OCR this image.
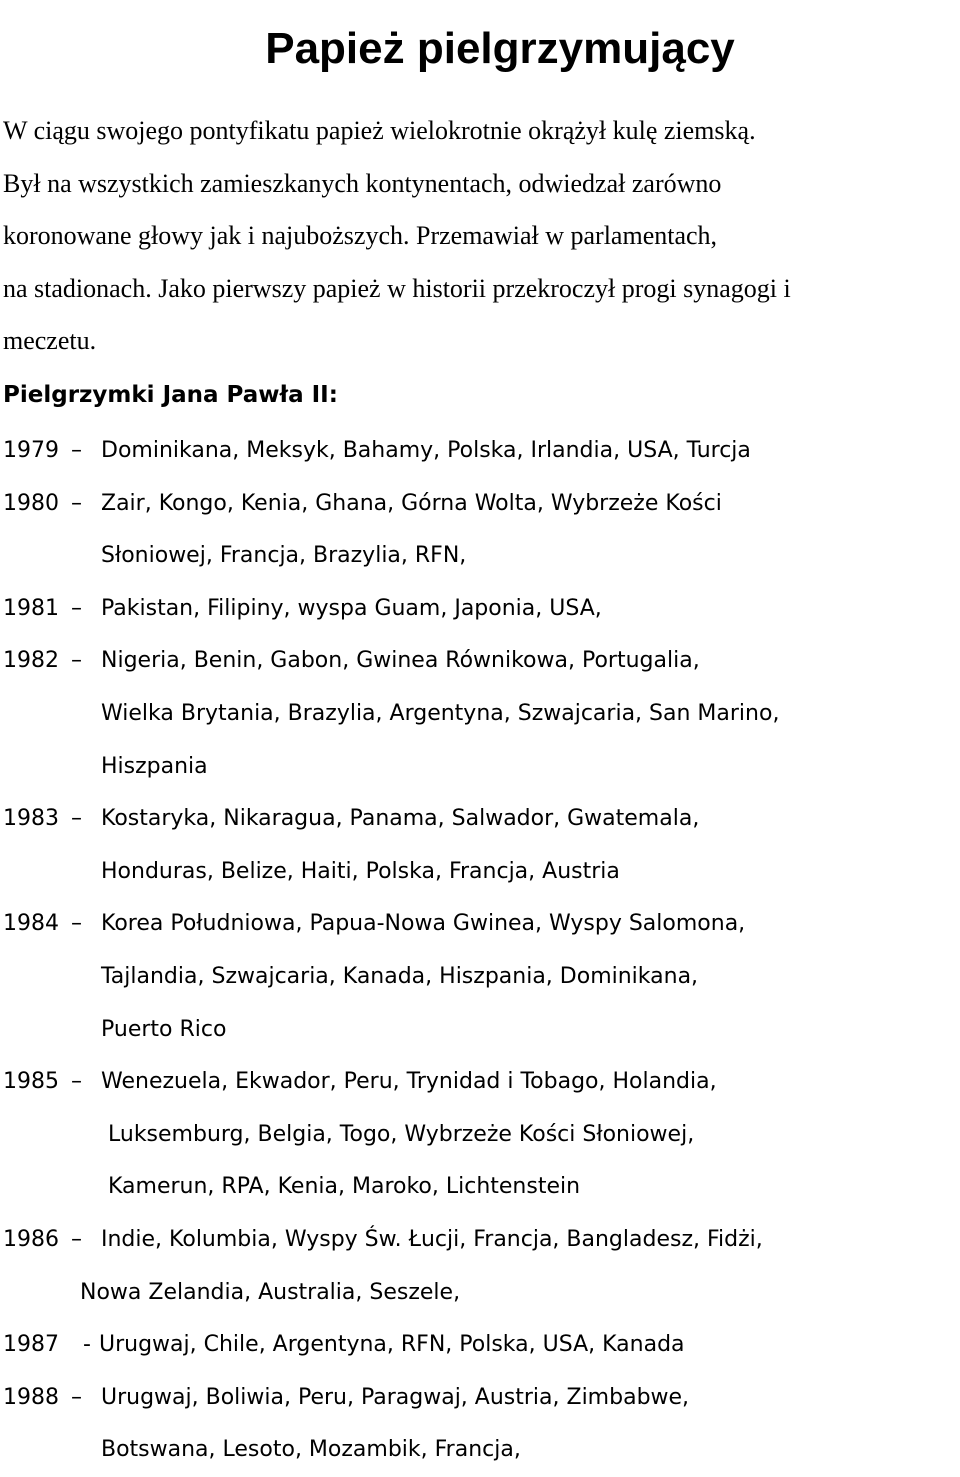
Papież pielgrzymujący
W ciągu swojego pontyfikatu papież wielokrotnie okrążył kulę ziemską.
Był na wszystkich zamieszkanych kontynentach, odwiedzał zarówno
koronowane głowy jak i najuboższych. Przemawiał w parlamentach,
na stadionach. Jako pierwszy papież w historii przekroczył progi synagogi i
meczetu.
Pielgrzymki Jana Pawła II:
1979 – Dominikana, Meksyk, Bahamy, Polska, Irlandia, USA, Turcja
1980 – Zair, Kongo, Kenia, Ghana, Górna Wolta, Wybrzeże Kości
Słoniowej, Francja, Brazylia, RFN,
1981 – Pakistan, Filipiny, wyspa Guam, Japonia, USA,
1982 – Nigeria, Benin, Gabon, Gwinea Równikowa, Portugalia,
Wielka Brytania, Brazylia, Argentyna, Szwajcaria, San Marino,
Hiszpania
1983 – Kostaryka, Nikaragua, Panama, Salwador, Gwatemala,
Honduras, Belize, Haiti, Polska, Francja, Austria
1984 – Korea Południowa, Papua-Nowa Gwinea, Wyspy Salomona,
Tajlandia, Szwajcaria, Kanada, Hiszpania, Dominikana,
Puerto Rico
1985 – Wenezuela, Ekwador, Peru, Trynidad i Tobago, Holandia,
Luksemburg, Belgia, Togo, Wybrzeże Kości Słoniowej,
Kamerun, RPA, Kenia, Maroko, Lichtenstein
1986 – Indie, Kolumbia, Wyspy Św. Łucji, Francja, Bangladesz, Fidżi,
Nowa Zelandia, Australia, Seszele,
1987 - Urugwaj, Chile, Argentyna, RFN, Polska, USA, Kanada
1988 – Urugwaj, Boliwia, Peru, Paragwaj, Austria, Zimbabwe,
Botswana, Lesoto, Mozambik, Francja,
